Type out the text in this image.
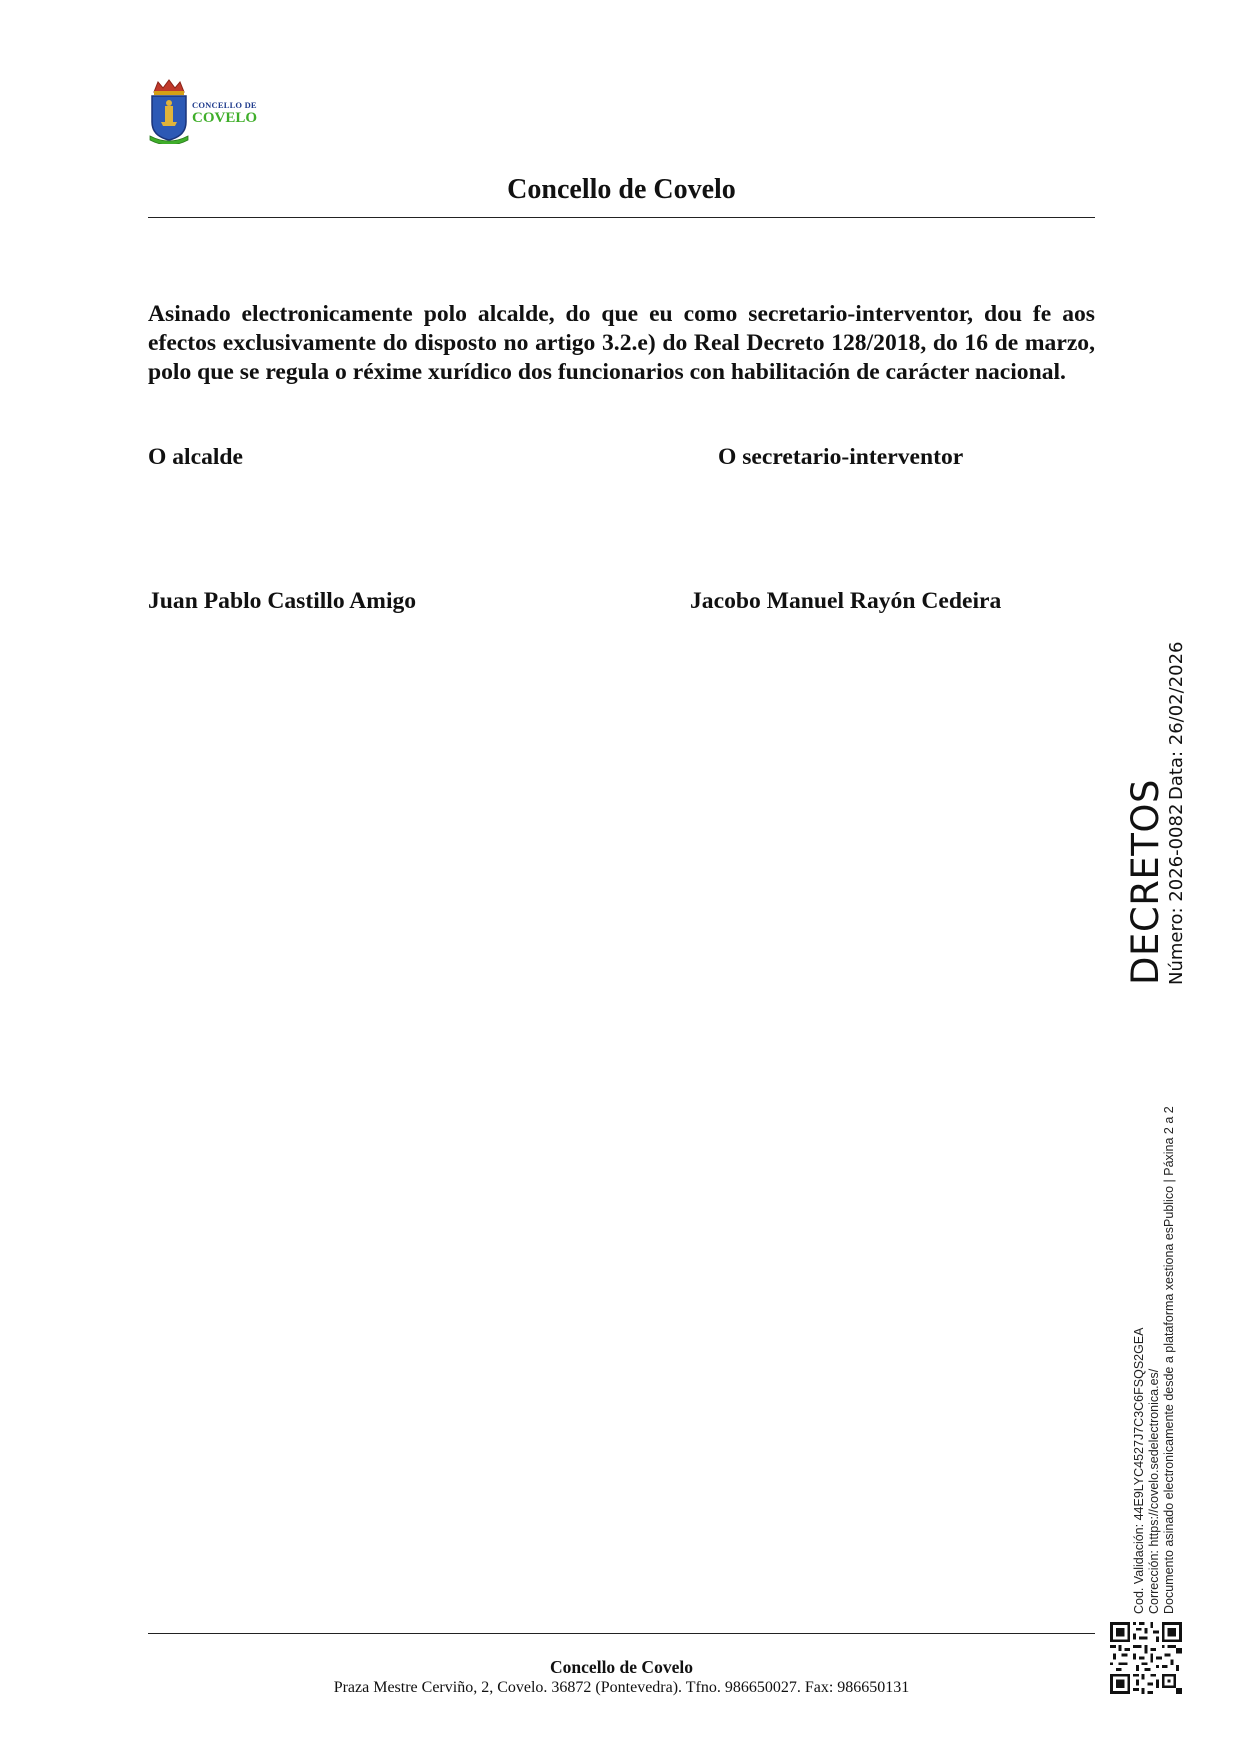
CONCELLO DE
COVELO
Concello de Covelo

Asinado electronicamente polo alcalde, do que eu como secretario-interventor, dou fe aos efectos exclusivamente do disposto no artigo 3.2.e) do Real Decreto 128/2018, do 16 de marzo, polo que se regula o réxime xurídico dos funcionarios con habilitación de carácter nacional.

O alcalde	O secretario-interventor
Juan Pablo Castillo Amigo	Jacobo Manuel Rayón Cedeira
DECRETOS Número: 2026-0082
Data: 26/02/2026
Cod. Validación: 44E9LYC4527J7C3C6FSQS2GEA Corrección: https://covelo.sedelectronica.es/ Documento asinado electronicamente desde a plataforma xestiona esPublico | Páxina 2 a 2
Concello de Covelo
Praza Mestre Cerviño, 2, Covelo. 36872 (Pontevedra). Tfno. 986650027. Fax: 986650131
